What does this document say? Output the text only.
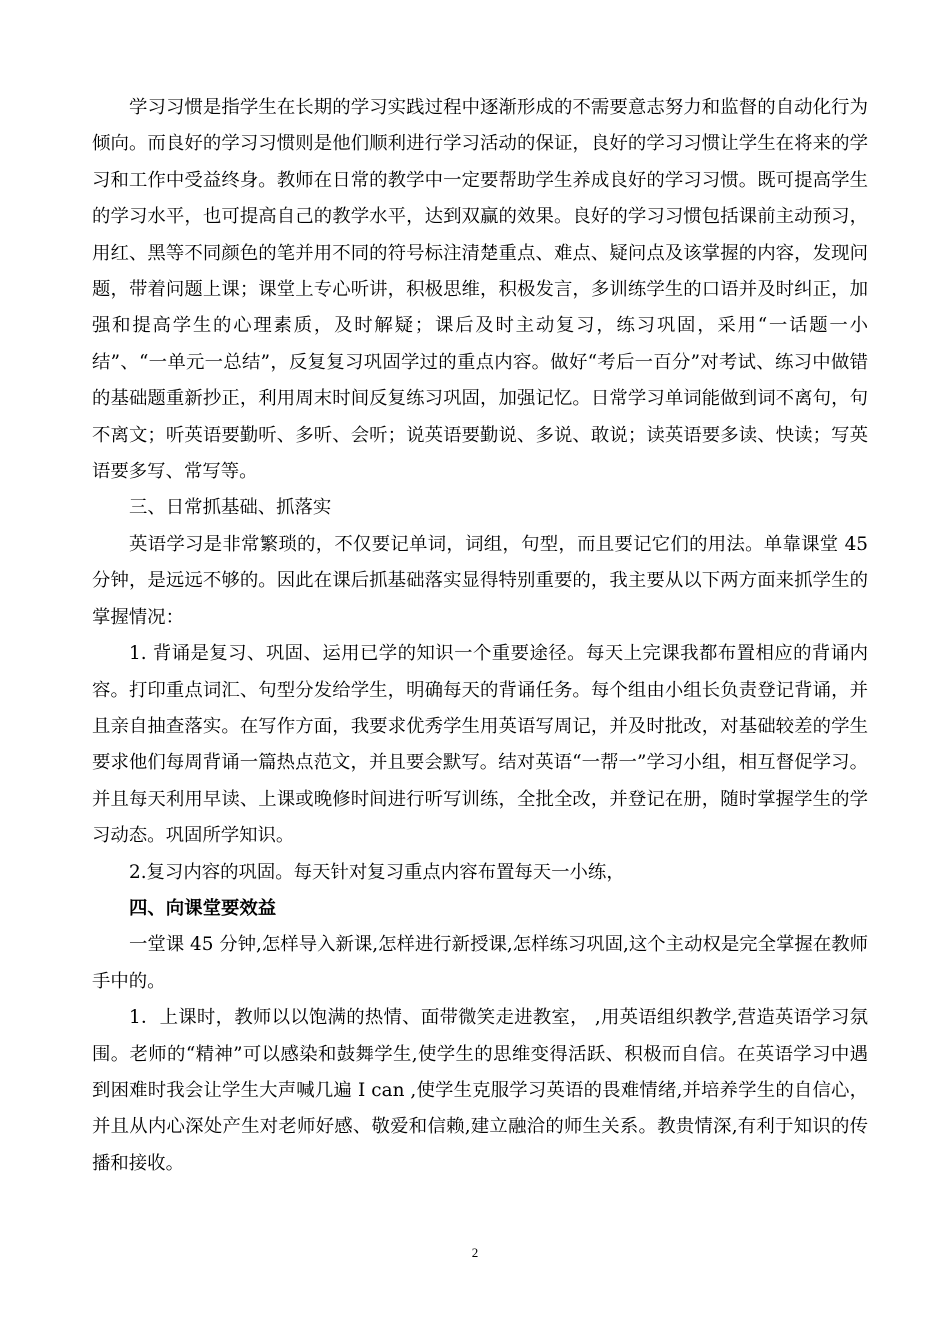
学习习惯是指学生在长期的学习实践过程中逐渐形成的不需要意志努力和监督的自动化行为倾向。而良好的学习习惯则是他们顺利进行学习活动的保证，良好的学习习惯让学生在将来的学习和工作中受益终身。教师在日常的教学中一定要帮助学生养成良好的学习习惯。既可提高学生的学习水平，也可提高自己的教学水平，达到双赢的效果。良好的学习习惯包括课前主动预习，用红、黑等不同颜色的笔并用不同的符号标注清楚重点、难点、疑问点及该掌握的内容，发现问题，带着问题上课；课堂上专心听讲，积极思维，积极发言，多训练学生的口语并及时纠正，加强和提高学生的心理素质，及时解疑；课后及时主动复习，练习巩固，采用“一话题一小结”、“一单元一总结”，反复复习巩固学过的重点内容。做好“考后一百分”对考试、练习中做错的基础题重新抄正，利用周末时间反复练习巩固，加强记忆。日常学习单词能做到词不离句，句不离文；听英语要勤听、多听、会听；说英语要勤说、多说、敢说；读英语要多读、快读；写英语要多写、常写等。

三、日常抓基础、抓落实

英语学习是非常繁琐的，不仅要记单词，词组，句型，而且要记它们的用法。单靠课堂 45 分钟，是远远不够的。因此在课后抓基础落实显得特别重要的，我主要从以下两方面来抓学生的掌握情况：

1. 背诵是复习、巩固、运用已学的知识一个重要途径。每天上完课我都布置相应的背诵内容。打印重点词汇、句型分发给学生，明确每天的背诵任务。每个组由小组长负责登记背诵，并且亲自抽查落实。在写作方面，我要求优秀学生用英语写周记，并及时批改，对基础较差的学生要求他们每周背诵一篇热点范文，并且要会默写。结对英语“一帮一”学习小组，相互督促学习。并且每天利用早读、上课或晚修时间进行听写训练，全批全改，并登记在册，随时掌握学生的学习动态。巩固所学知识。

2.复习内容的巩固。每天针对复习重点内容布置每天一小练，

四、向课堂要效益

一堂课 45 分钟,怎样导入新课,怎样进行新授课,怎样练习巩固,这个主动权是完全掌握在教师手中的。

1．上课时，教师以以饱满的热情、面带微笑走进教室， ,用英语组织教学,营造英语学习氛围。老师的“精神”可以感染和鼓舞学生,使学生的思维变得活跃、积极而自信。在英语学习中遇到困难时我会让学生大声喊几遍 I can ,使学生克服学习英语的畏难情绪,并培养学生的自信心，并且从内心深处产生对老师好感、敬爱和信赖,建立融洽的师生关系。教贵情深,有利于知识的传播和接收。

2
